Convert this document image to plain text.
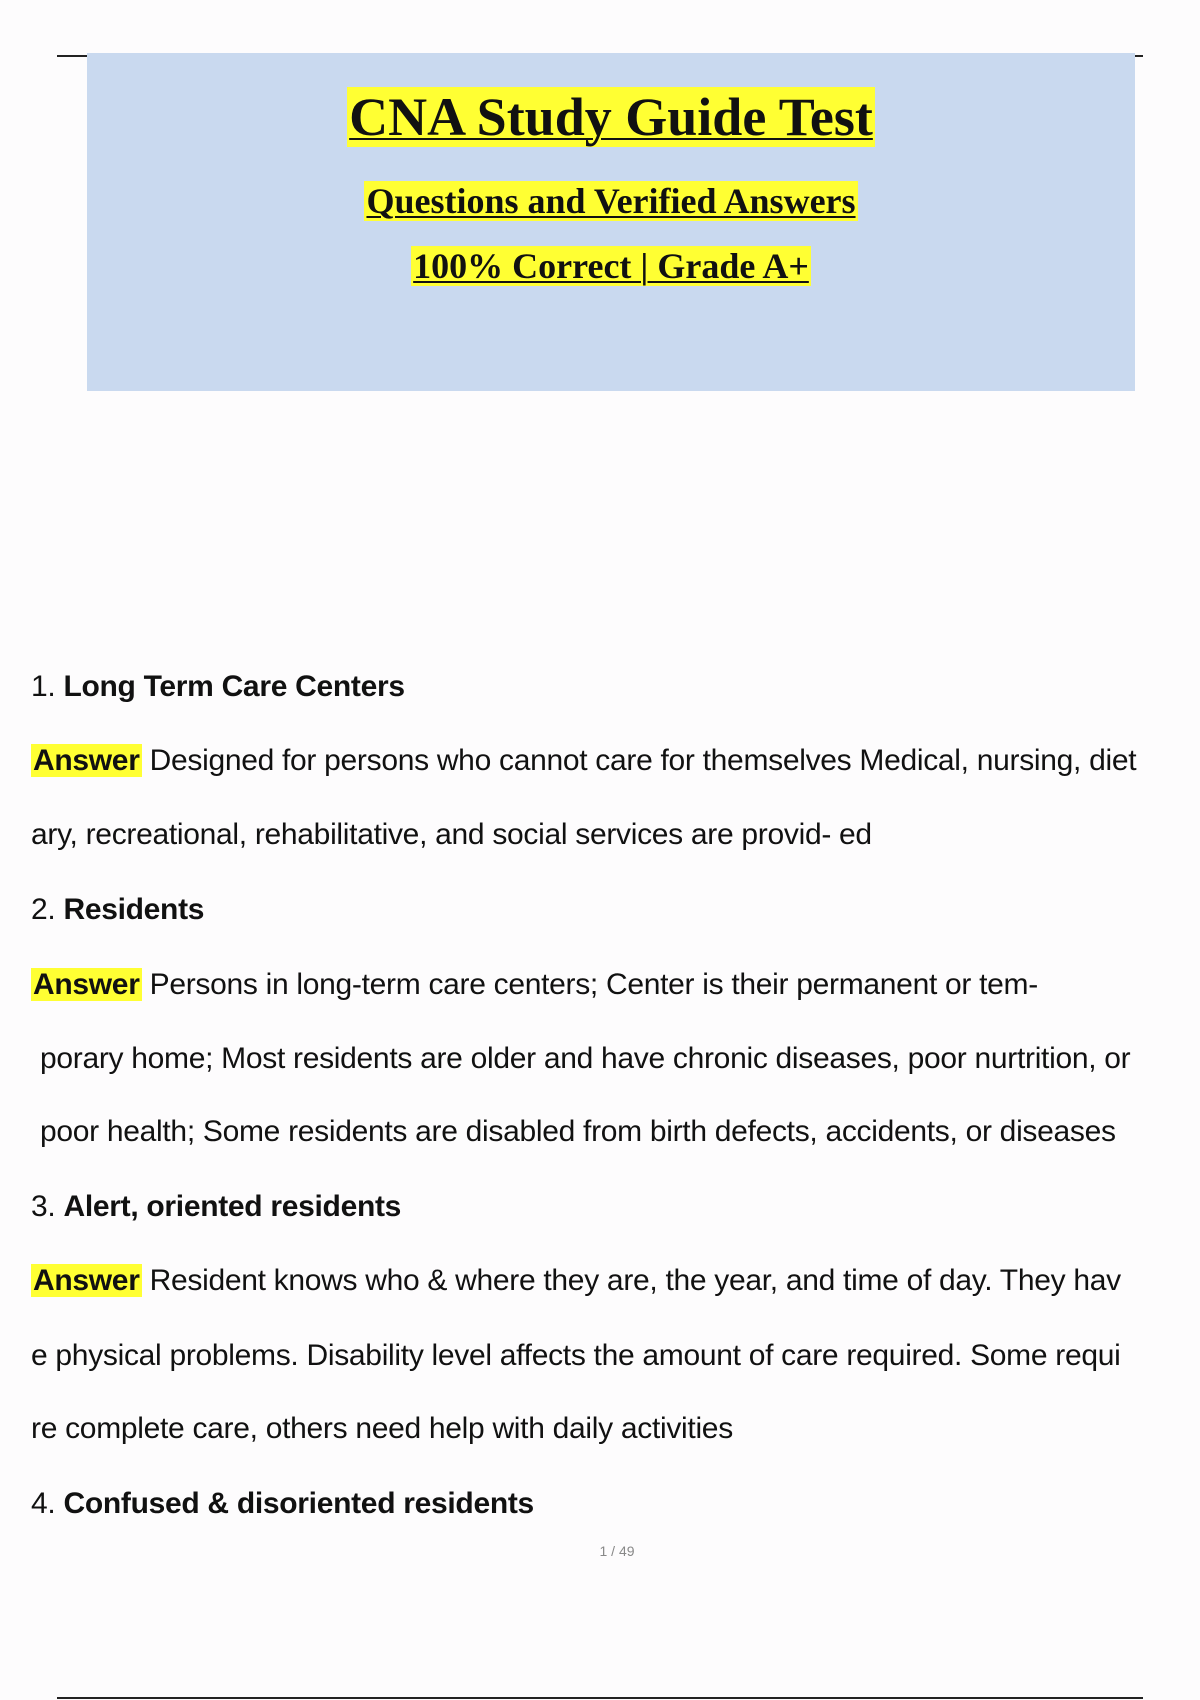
CNA Study Guide Test
Questions and Verified Answers
100% Correct | Grade A+
1. Long Term Care Centers
Answer Designed for persons who cannot care for themselves Medical, nursing, diet
ary, recreational, rehabilitative, and social services are provid- ed
2. Residents
Answer Persons in long-term care centers; Center is their permanent or tem-
porary home; Most residents are older and have chronic diseases, poor nurtrition, or
poor health; Some residents are disabled from birth defects, accidents, or diseases
3. Alert, oriented residents
Answer Resident knows who & where they are, the year, and time of day. They hav
e physical problems. Disability level affects the amount of care required. Some requi
re complete care, others need help with daily activities
4. Confused & disoriented residents
1 / 49
